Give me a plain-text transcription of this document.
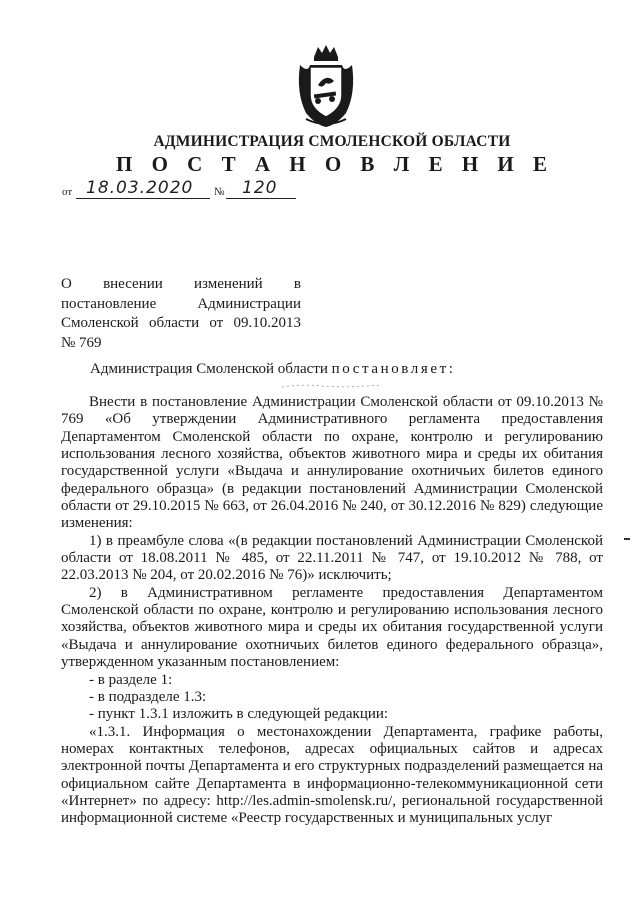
АДМИНИСТРАЦИЯ СМОЛЕНСКОЙ ОБЛАСТИ
П О С Т А Н О В Л Е Н И Е
от 18.03.2020 № 120
О внесении изменений в
постановление Администрации
Смоленской области от 09.10.2013
№ 769
Администрация Смоленской области постановляет:

Внести в постановление Администрации Смоленской области от 09.10.2013 № 769 «Об утверждении Административного регламента предоставления Департаментом Смоленской области по охране, контролю и регулированию использования лесного хозяйства, объектов животного мира и среды их обитания государственной услуги «Выдача и аннулирование охотничьих билетов единого федерального образца» (в редакции постановлений Администрации Смоленской области от 29.10.2015 № 663, от 26.04.2016 № 240, от 30.12.2016 № 829) следующие изменения:

1) в преамбуле слова «(в редакции постановлений Администрации Смоленской области от 18.08.2011 № 485, от 22.11.2011 № 747, от 19.10.2012 № 788, от 22.03.2013 № 204, от 20.02.2016 № 76)» исключить;

2) в Административном регламенте предоставления Департаментом Смоленской области по охране, контролю и регулированию использования лесного хозяйства, объектов животного мира и среды их обитания государственной услуги «Выдача и аннулирование охотничьих билетов единого федерального образца», утвержденном указанным постановлением:

- в разделе 1:

- в подразделе 1.3:

- пункт 1.3.1 изложить в следующей редакции:

«1.3.1. Информация о местонахождении Департамента, графике работы, номерах контактных телефонов, адресах официальных сайтов и адресах электронной почты Департамента и его структурных подразделений размещается на официальном сайте Департамента в информационно-телекоммуникационной сети «Интернет» по адресу: http://les.admin-smolensk.ru/, региональной государственной информационной системе «Реестр государственных и муниципальных услуг
